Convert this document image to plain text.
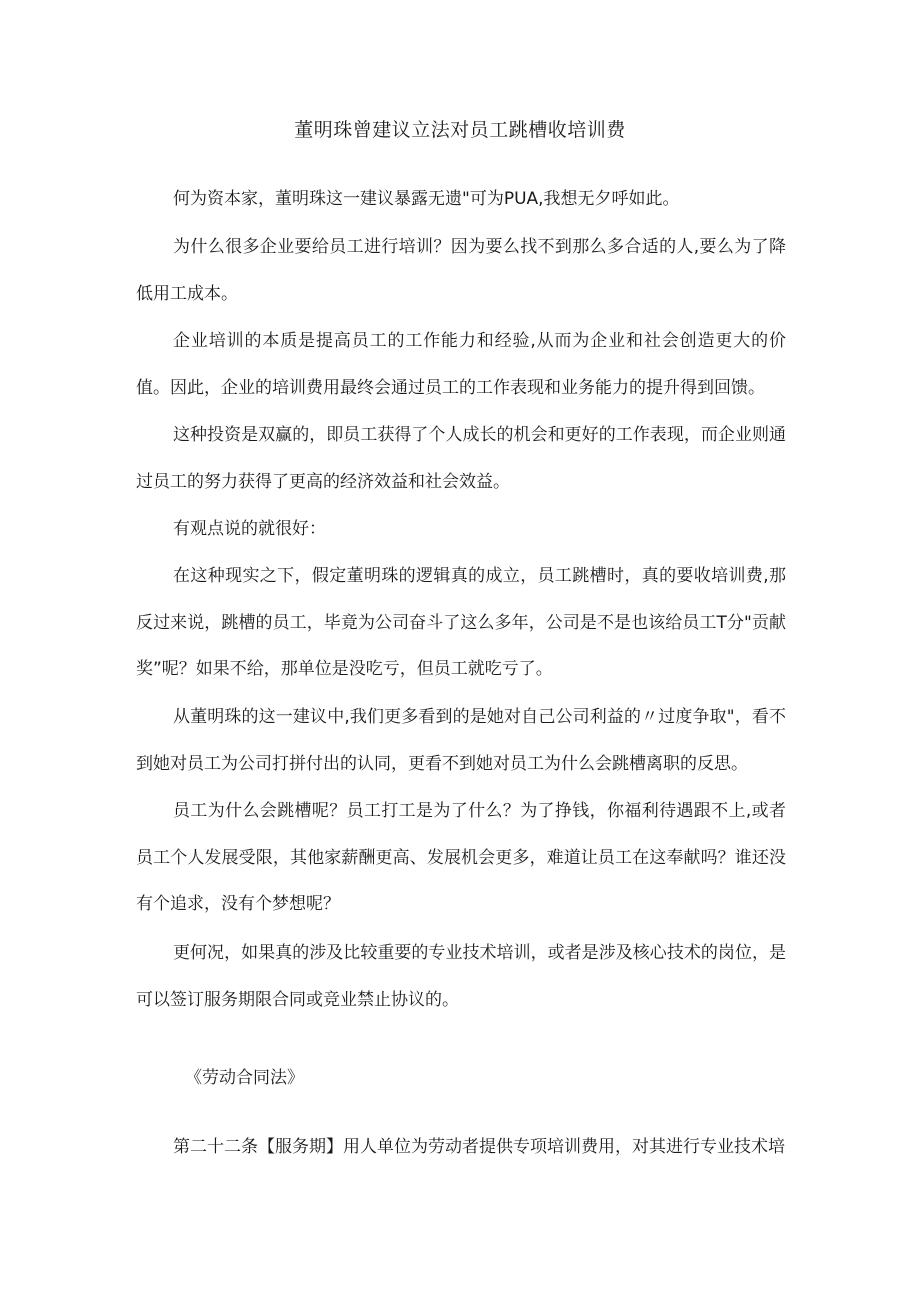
董明珠曾建议立法对员工跳槽收培训费
何为资本家，董明珠这一建议暴露无遗"可为PUA,我想无夕呼如此。
为什么很多企业要给员工进行培训？因为要么找不到那么多合适的人,要么为了降低用工成本。
企业培训的本质是提高员工的工作能力和经验,从而为企业和社会创造更大的价值。因此，企业的培训费用最终会通过员工的工作表现和业务能力的提升得到回馈。
这种投资是双赢的，即员工获得了个人成长的机会和更好的工作表现，而企业则通过员工的努力获得了更高的经济效益和社会效益。
有观点说的就很好：
在这种现实之下，假定董明珠的逻辑真的成立，员工跳槽时，真的要收培训费,那反过来说，跳槽的员工，毕竟为公司奋斗了这么多年，公司是不是也该给员工T分"贡献奖”呢？如果不给，那单位是没吃亏，但员工就吃亏了。
从董明珠的这一建议中,我们更多看到的是她对自己公司利益的〃过度争取"，看不到她对员工为公司打拼付出的认同，更看不到她对员工为什么会跳槽离职的反思。
员工为什么会跳槽呢？员工打工是为了什么？为了挣钱，你福利待遇跟不上,或者员工个人发展受限，其他家薪酬更高、发展机会更多，难道让员工在这奉献吗？谁还没有个追求，没有个梦想呢？
更何况，如果真的涉及比较重要的专业技术培训，或者是涉及核心技术的岗位，是可以签订服务期限合同或竞业禁止协议的。
《劳动合同法》
第二十二条【服务期】用人单位为劳动者提供专项培训费用，对其进行专业技术培
